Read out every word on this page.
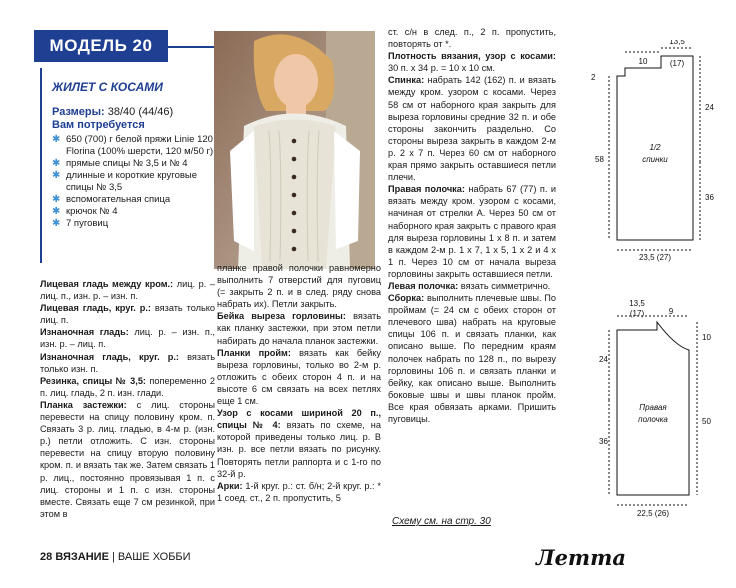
МОДЕЛЬ 20
ЖИЛЕТ С КОСАМИ
Размеры: 38/40 (44/46)
Вам потребуется
✱ 650 (700) г белой пряжи Linie 120 Florina (100% шерсти, 120 м/50 г)
✱ прямые спицы № 3,5 и № 4
✱ длинные и короткие круговые спицы № 3,5
✱ вспомогательная спица
✱ крючок № 4
✱ 7 пуговиц

Лицевая гладь между кром.: лиц. р. – лиц. п., изн. р. – изн. п.

Лицевая гладь, круг. р.: вязать только лиц. п.

Изнаночная гладь: лиц. р. – изн. п., изн. р. – лиц. п.

Изнаночная гладь, круг. р.: вязать только изн. п.

Резинка, спицы № 3,5: попеременно 2 п. лиц. гладь, 2 п. изн. глади.

Планка застежки: с лиц. стороны перевести на спицу половину кром. п. Связать 3 р. лиц. гладью, в 4-м р. (изн. р.) петли отложить. С изн. стороны перевести на спицу вторую половину кром. п. и вязать так же. Затем связать 1 р. лиц., постоянно провязывая 1 п. с лиц. стороны и 1 п. с изн. стороны вместе. Связать еще 7 см резинкой, при этом в

планке правой полочки равномерно выполнить 7 отверстий для пуговиц (= закрыть 2 п. и в след. ряду снова набрать их). Петли закрыть.

Бейка выреза горловины: вязать как планку застежки, при этом петли набирать до начала планок застежки.

Планки пройм: вязать как бейку выреза горловины, только во 2-м р. отложить с обеих сторон 4 п. и на высоте 6 см связать на всех петлях еще 1 см.

Узор с косами шириной 20 п., спицы № 4: вязать по схеме, на которой приведены только лиц. р. В изн. р. все петли вязать по рисунку. Повторять петли раппорта и с 1-го по 32-й р.

Арки: 1-й круг. р.: ст. б/н; 2-й круг. р.: * 1 соед. ст., 2 п. пропустить, 5

ст. с/н в след. п., 2 п. пропустить, повторять от *.

Плотность вязания, узор с косами: 30 п. x 34 р. = 10 x 10 см.

Спинка: набрать 142 (162) п. и вязать между кром. узором с косами. Через 58 см от наборного края закрыть для выреза горловины средние 32 п. и обе стороны закончить раздельно. Со стороны выреза закрыть в каждом 2-м р. 2 x 7 п. Через 60 см от наборного края прямо закрыть оставшиеся петли плечи.

Правая полочка: набрать 67 (77) п. и вязать между кром. узором с косами, начиная от стрелки А. Через 50 см от наборного края закрыть с правого края для выреза горловины 1 x 8 п. и затем в каждом 2-м р. 1 x 7, 1 x 5, 1 x 2 и 4 x 1 п. Через 10 см от начала выреза горловины закрыть оставшиеся петли.

Левая полочка: вязать симметрично.

Сборка: выполнить плечевые швы. По проймам (= 24 см с обеих сторон от плечевого шва) набрать на круговые спицы 106 п. и связать планки, как описано выше. По передним краям полочек набрать по 128 п., по вырезу горловины 106 п. и связать планки и бейку, как описано выше. Выполнить боковые швы и швы планок пройм. Все края обвязать арками. Пришить пуговицы.

Схему см. на стр. 30
10
13,5
(17)
2
58
24
36
23,5 (27)
1/2
спинки
13,5
(17)	9
24
36
10
50
22,5 (26)
Правая
полочка
28 ВЯЗАНИЕ | ВАШЕ ХОББИ	Летта
